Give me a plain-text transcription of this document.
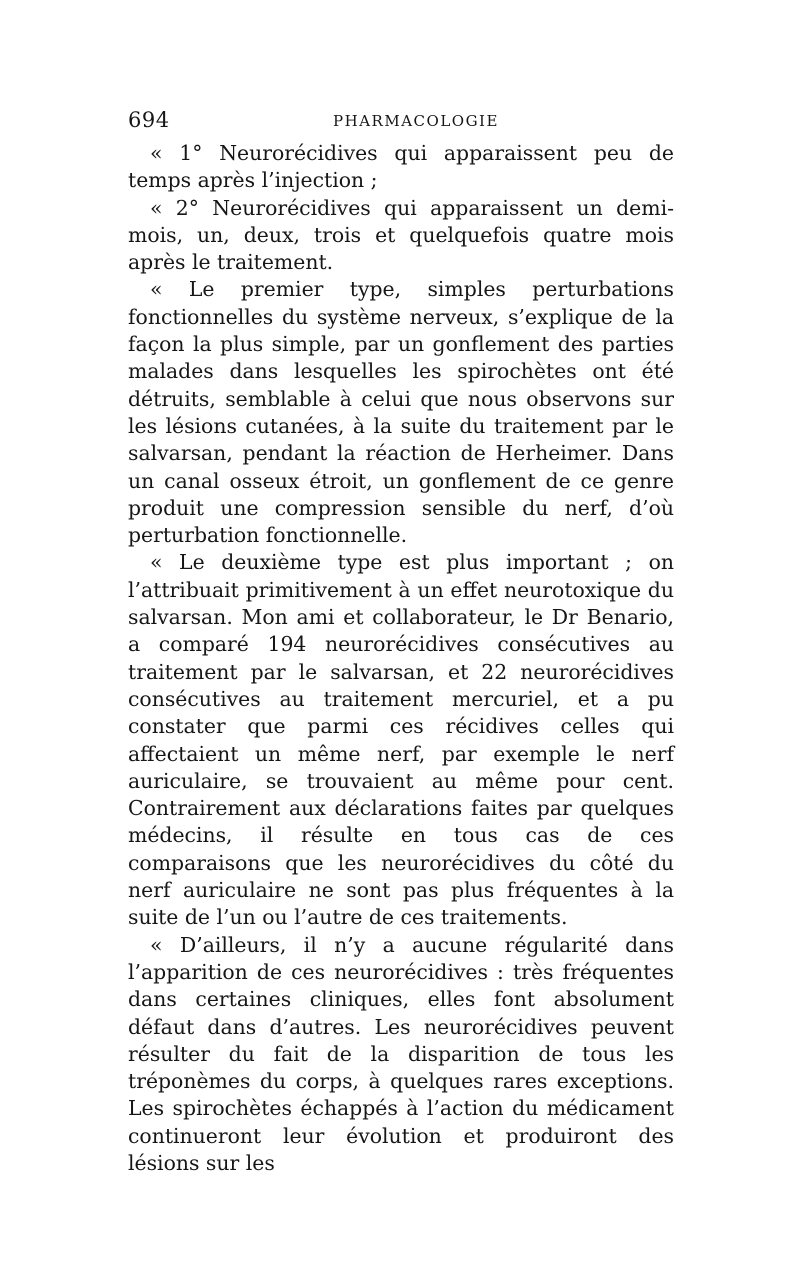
694	PHARMACOLOGIE

« 1° Neurorécidives qui apparaissent peu de temps après l’injection ;

« 2° Neurorécidives qui apparaissent un demi-mois, un, deux, trois et quelquefois quatre mois après le traitement.

« Le premier type, simples perturbations fonctionnelles du système nerveux, s’explique de la façon la plus simple, par un gonflement des parties malades dans lesquelles les spirochètes ont été détruits, semblable à celui que nous observons sur les lésions cutanées, à la suite du traitement par le salvarsan, pendant la réaction de Herheimer. Dans un canal osseux étroit, un gonflement de ce genre produit une compression sensible du nerf, d’où perturbation fonctionnelle.

« Le deuxième type est plus important ; on l’attribuait primitivement à un effet neurotoxique du salvarsan. Mon ami et collaborateur, le Dr Benario, a comparé 194 neurorécidives consécutives au traitement par le salvarsan, et 22 neurorécidives consécutives au traitement mercuriel, et a pu constater que parmi ces récidives celles qui affectaient un même nerf, par exemple le nerf auriculaire, se trouvaient au même pour cent. Contrairement aux déclarations faites par quelques médecins, il résulte en tous cas de ces comparaisons que les neurorécidives du côté du nerf auriculaire ne sont pas plus fréquentes à la suite de l’un ou l’autre de ces traitements.

« D’ailleurs, il n’y a aucune régularité dans l’apparition de ces neurorécidives : très fréquentes dans certaines cliniques, elles font absolument défaut dans d’autres. Les neurorécidives peuvent résulter du fait de la disparition de tous les tréponèmes du corps, à quelques rares exceptions. Les spirochètes échappés à l’action du médicament continueront leur évolution et produiront des lésions sur les
